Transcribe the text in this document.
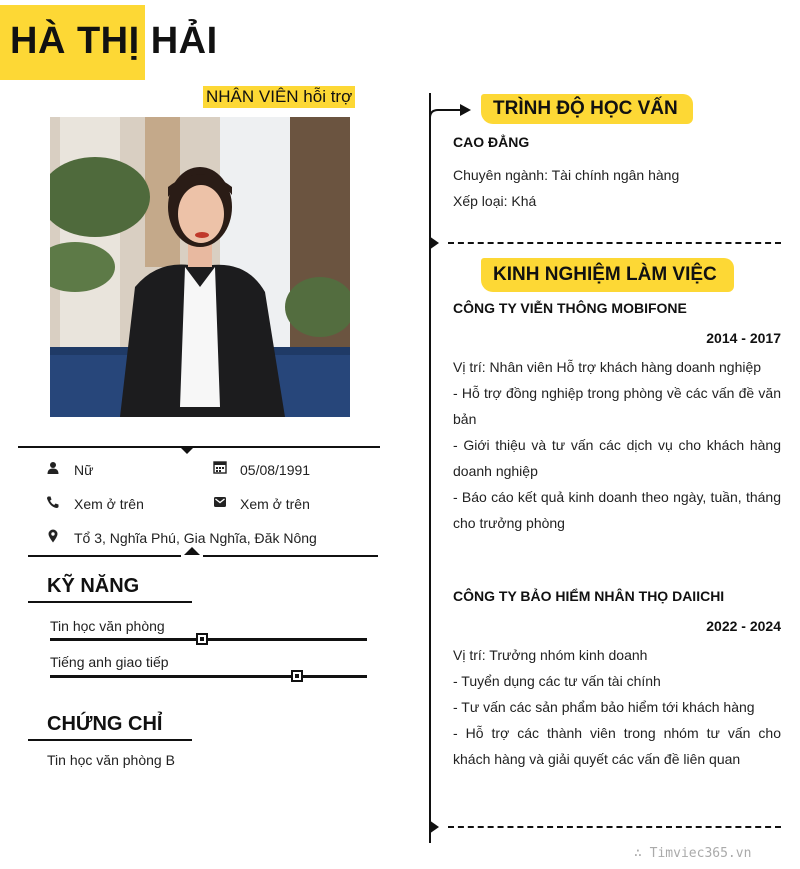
HÀ THỊ HẢI
NHÂN VIÊN hỗi trợ
Nữ	05/08/1991
Xem ở trên	Xem ở trên
Tổ 3, Nghĩa Phú, Gia Nghĩa, Đăk Nông
KỸ NĂNG
Tin học văn phòng
Tiếng anh giao tiếp
CHỨNG CHỈ
Tin học văn phòng B
TRÌNH ĐỘ HỌC VẤN
CAO ĐẲNG
Chuyên ngành: Tài chính ngân hàng
Xếp loại: Khá
KINH NGHIỆM LÀM VIỆC
CÔNG TY VIỄN THÔNG MOBIFONE
2014 - 2017
Vị trí: Nhân viên Hỗ trợ khách hàng doanh nghiệp
- Hỗ trợ đồng nghiệp trong phòng về các vấn đề văn bản
- Giới thiệu và tư vấn các dịch vụ cho khách hàng doanh nghiệp
- Báo cáo kết quả kinh doanh theo ngày, tuần, tháng cho trưởng phòng
CÔNG TY BẢO HIỂM NHÂN THỌ DAIICHI
2022 - 2024
Vị trí: Trưởng nhóm kinh doanh
- Tuyển dụng các tư vấn tài chính
- Tư vấn các sản phẩm bảo hiểm tới khách hàng
- Hỗ trợ các thành viên trong nhóm tư vấn cho khách hàng và giải quyết các vấn đề liên quan
∴ Timviec365.vn
